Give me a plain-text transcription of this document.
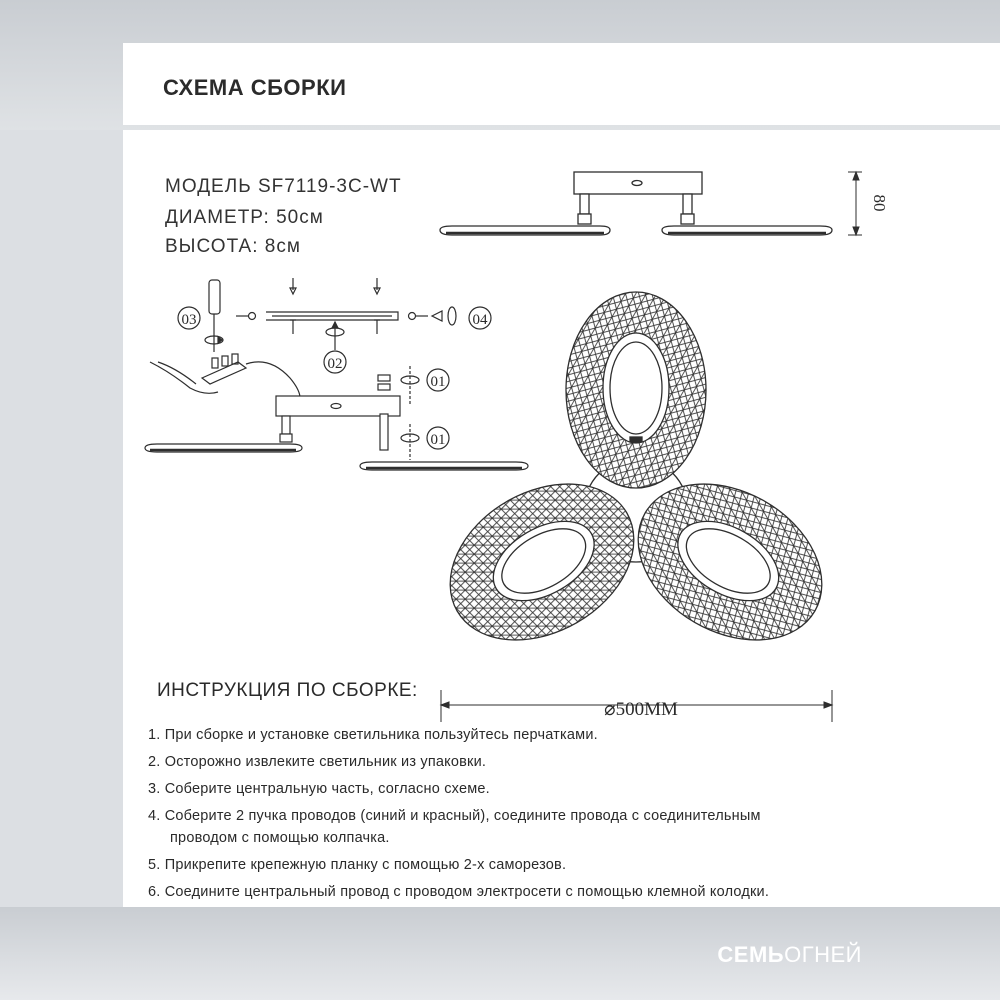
СХЕМА СБОРКИ
МОДЕЛЬ SF7119-3C-WT
ДИАМЕТР: 50см
ВЫСОТА: 8см
80
03	04
02
01
01
⌀500MM
ИНСТРУКЦИЯ ПО СБОРКЕ:
1. При сборке и установке светильника пользуйтесь перчатками.
2. Осторожно извлеките светильник из упаковки.
3. Соберите центральную часть, согласно схеме.
4. Соберите 2 пучка проводов (синий и красный), соедините провода с соединительным
проводом с помощью колпачка.
5. Прикрепите крепежную планку с помощью 2-х саморезов.
6. Соедините центральный провод с проводом электросети с помощью клемной колодки.
СЕМЬОГНЕЙ
